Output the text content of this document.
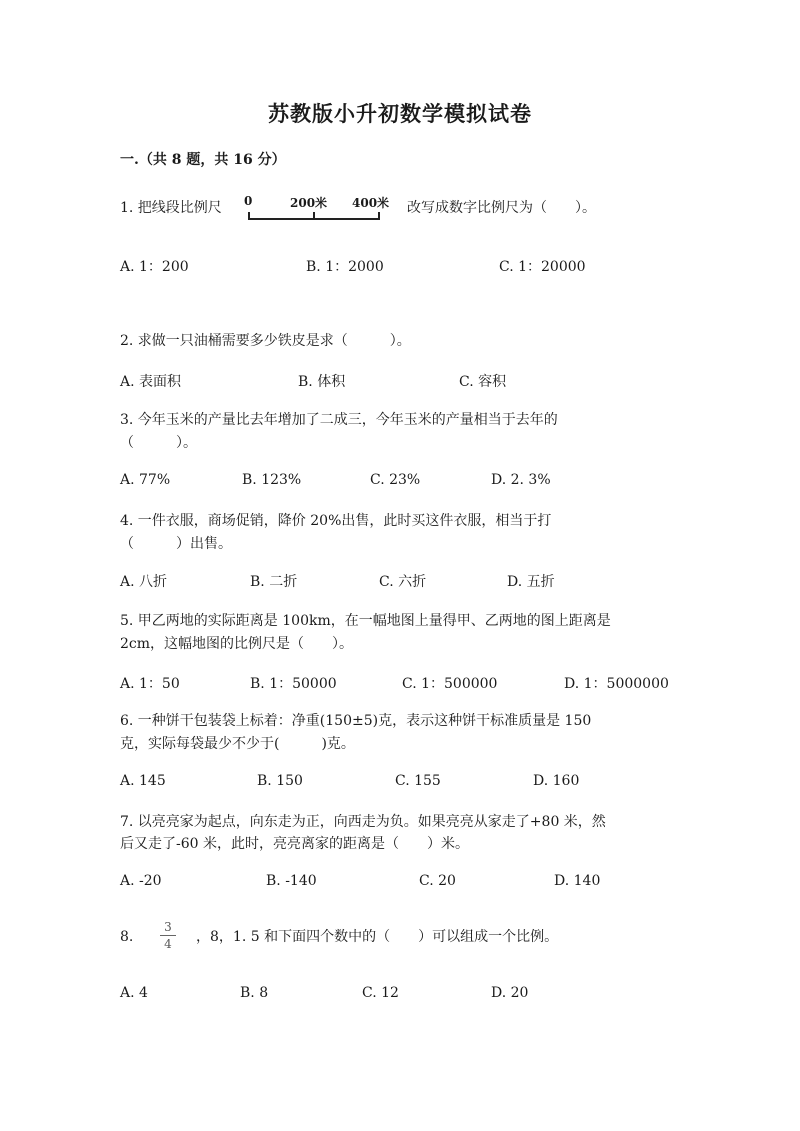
苏教版小升初数学模拟试卷
一.（共 8 题，共 16 分）
1. 把线段比例尺 0	200米 400米 改写成数字比例尺为（　　）。
A. 1：200	B. 1：2000	C. 1：20000
2. 求做一只油桶需要多少铁皮是求（　　　）。
A. 表面积	B. 体积	C. 容积
3. 今年玉米的产量比去年增加了二成三，今年玉米的产量相当于去年的
（　　　）。
A. 77%	B. 123%	C. 23%	D. 2. 3%
4. 一件衣服，商场促销，降价 20%出售，此时买这件衣服，相当于打
（　　　）出售。
A. 八折	B. 二折	C. 六折	D. 五折
5. 甲乙两地的实际距离是 100km，在一幅地图上量得甲、乙两地的图上距离是
2cm，这幅地图的比例尺是（　　）。
A. 1：50	B. 1：50000	C. 1：500000	D. 1：5000000
6. 一种饼干包装袋上标着：净重(150±5)克，表示这种饼干标准质量是 150
克，实际每袋最少不少于(　　　)克。
A. 145	B. 150	C. 155	D. 160
7. 以亮亮家为起点，向东走为正，向西走为负。如果亮亮从家走了+80 米，然
后又走了-60 米，此时，亮亮离家的距离是（　　）米。
A. -20	B. -140	C. 20	D. 140
8.
3
4 ，8，1. 5 和下面四个数中的（　　）可以组成一个比例。
A. 4	B. 8	C. 12	D. 20
